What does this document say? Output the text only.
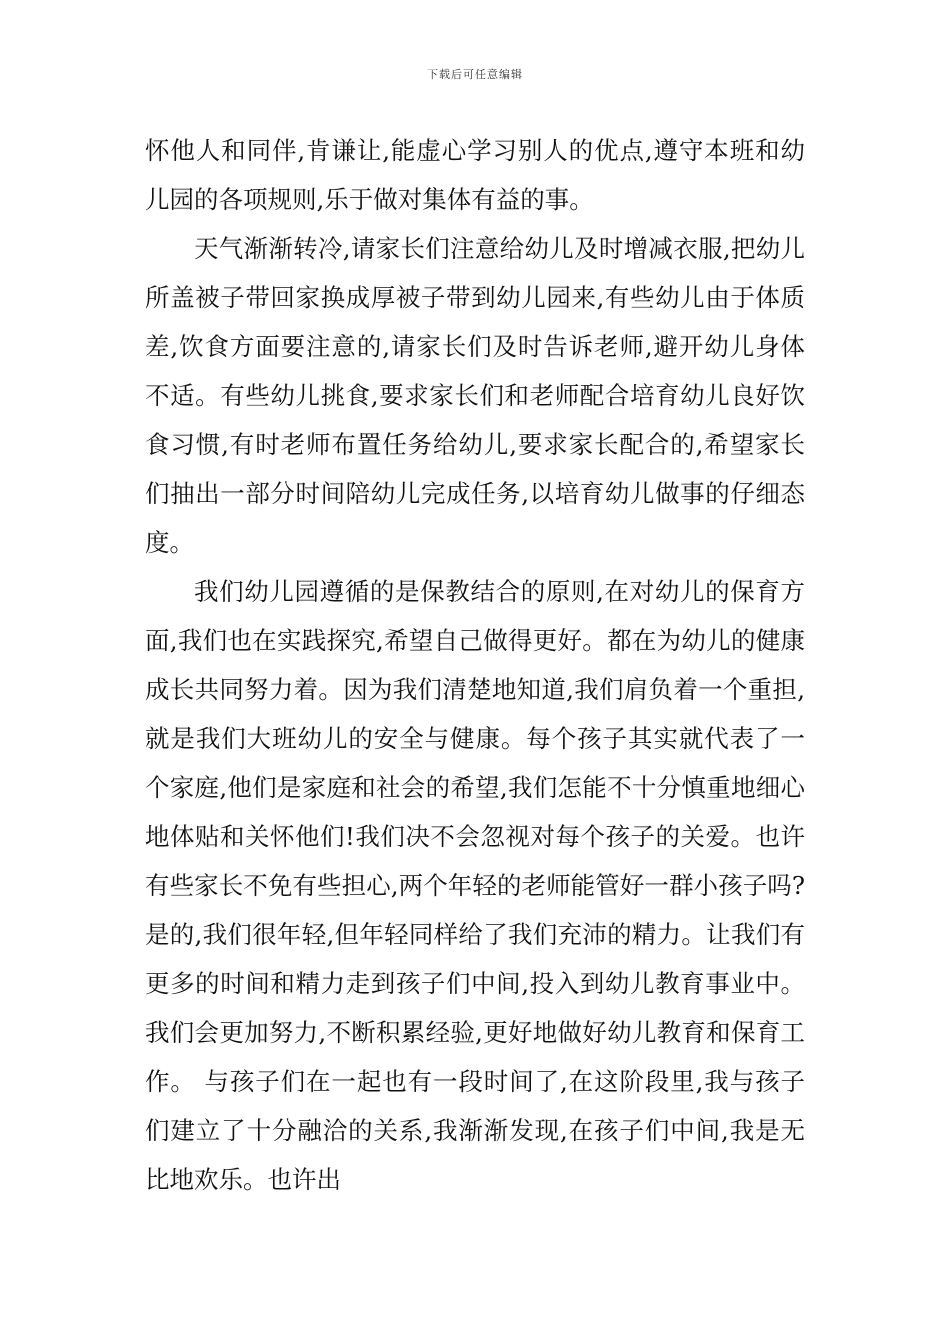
下载后可任意编辑

怀他人和同伴,肯谦让,能虚心学习别人的优点,遵守本班和幼儿园的各项规则,乐于做对集体有益的事。

天气渐渐转冷,请家长们注意给幼儿及时增减衣服,把幼儿所盖被子带回家换成厚被子带到幼儿园来,有些幼儿由于体质差,饮食方面要注意的,请家长们及时告诉老师,避开幼儿身体不适。有些幼儿挑食,要求家长们和老师配合培育幼儿良好饮食习惯,有时老师布置任务给幼儿,要求家长配合的,希望家长们抽出一部分时间陪幼儿完成任务,以培育幼儿做事的仔细态度。

我们幼儿园遵循的是保教结合的原则,在对幼儿的保育方面,我们也在实践探究,希望自己做得更好。都在为幼儿的健康成长共同努力着。因为我们清楚地知道,我们肩负着一个重担,就是我们大班幼儿的安全与健康。每个孩子其实就代表了一个家庭,他们是家庭和社会的希望,我们怎能不十分慎重地细心地体贴和关怀他们!我们决不会忽视对每个孩子的关爱。也许有些家长不免有些担心,两个年轻的老师能管好一群小孩子吗?是的,我们很年轻,但年轻同样给了我们充沛的精力。让我们有更多的时间和精力走到孩子们中间,投入到幼儿教育事业中。我们会更加努力,不断积累经验,更好地做好幼儿教育和保育工作。 与孩子们在一起也有一段时间了,在这阶段里,我与孩子们建立了十分融洽的关系,我渐渐发现,在孩子们中间,我是无比地欢乐。也许出
